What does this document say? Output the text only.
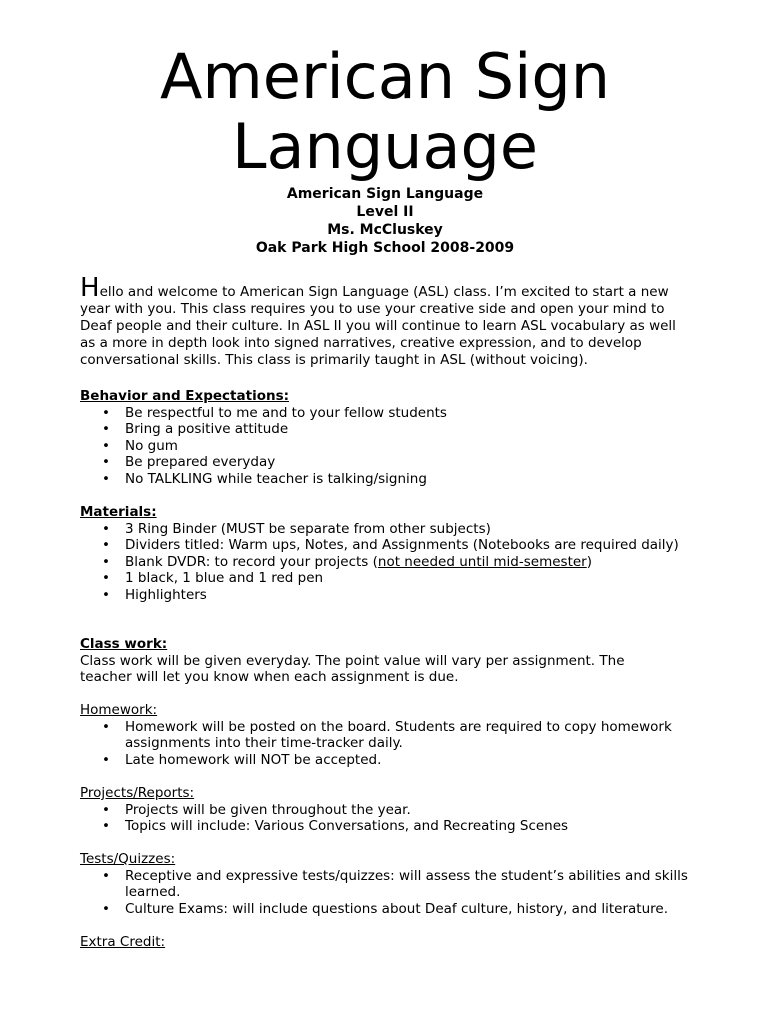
American Sign Language
American Sign Language
Level II
Ms. McCluskey
Oak Park High School 2008-2009
Hello and welcome to American Sign Language (ASL) class. I’m excited to start a new year with you. This class requires you to use your creative side and open your mind to Deaf people and their culture. In ASL II you will continue to learn ASL vocabulary as well as a more in depth look into signed narratives, creative expression, and to develop conversational skills. This class is primarily taught in ASL (without voicing).
Behavior and Expectations:
• Be respectful to me and to your fellow students
• Bring a positive attitude
• No gum
• Be prepared everyday
• No TALKLING while teacher is talking/signing
Materials:
• 3 Ring Binder (MUST be separate from other subjects)
• Dividers titled: Warm ups, Notes, and Assignments (Notebooks are required daily)
• Blank DVDR: to record your projects (not needed until mid-semester)
• 1 black, 1 blue and 1 red pen
• Highlighters
Class work:

Class work will be given everyday. The point value will vary per assignment. The teacher will let you know when each assignment is due.

Homework:
• Homework will be posted on the board. Students are required to copy homework assignments into their time-tracker daily.
• Late homework will NOT be accepted.
Projects/Reports:
• Projects will be given throughout the year.
• Topics will include: Various Conversations, and Recreating Scenes
Tests/Quizzes:
• Receptive and expressive tests/quizzes: will assess the student’s abilities and skills learned.
• Culture Exams: will include questions about Deaf culture, history, and literature.
Extra Credit:
